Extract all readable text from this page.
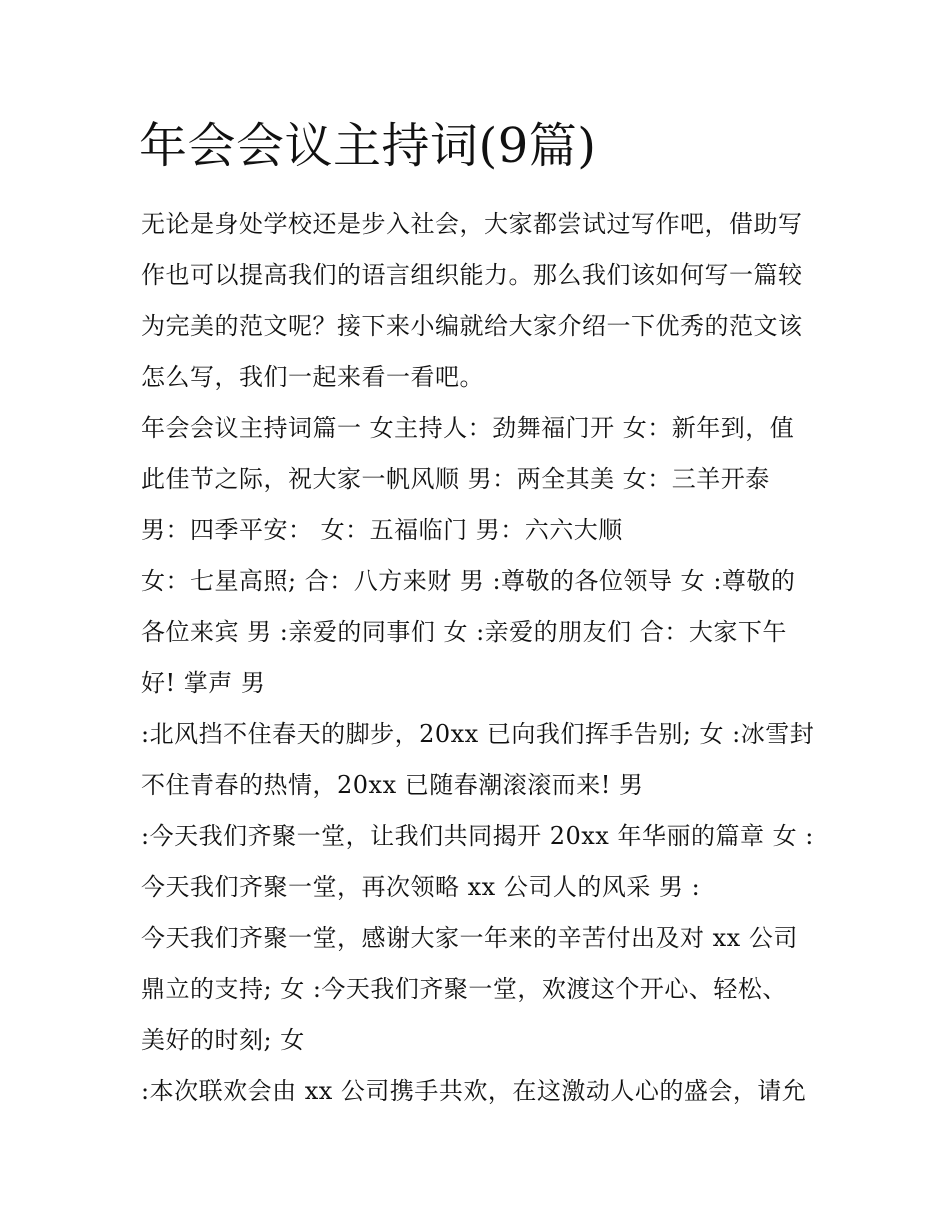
年会会议主持词(9篇)
无论是身处学校还是步入社会，大家都尝试过写作吧，借助写
作也可以提高我们的语言组织能力。那么我们该如何写一篇较
为完美的范文呢？接下来小编就给大家介绍一下优秀的范文该
怎么写，我们一起来看一看吧。
年会会议主持词篇一 女主持人：劲舞福门开 女：新年到，值
此佳节之际，祝大家一帆风顺 男：两全其美 女：三羊开泰
男：四季平安： 女：五福临门 男：六六大顺
女：七星高照; 合：八方来财 男 :尊敬的各位领导 女 :尊敬的
各位来宾 男 :亲爱的同事们 女 :亲爱的朋友们 合：大家下午
好! 掌声 男
:北风挡不住春天的脚步，20xx 已向我们挥手告别; 女 :冰雪封
不住青春的热情，20xx 已随春潮滚滚而来! 男
:今天我们齐聚一堂，让我们共同揭开 20xx 年华丽的篇章 女 :
今天我们齐聚一堂，再次领略 xx 公司人的风采 男 :
今天我们齐聚一堂，感谢大家一年来的辛苦付出及对 xx 公司
鼎立的支持; 女 :今天我们齐聚一堂，欢渡这个开心、轻松、
美好的时刻; 女
:本次联欢会由 xx 公司携手共欢，在这激动人心的盛会，请允
